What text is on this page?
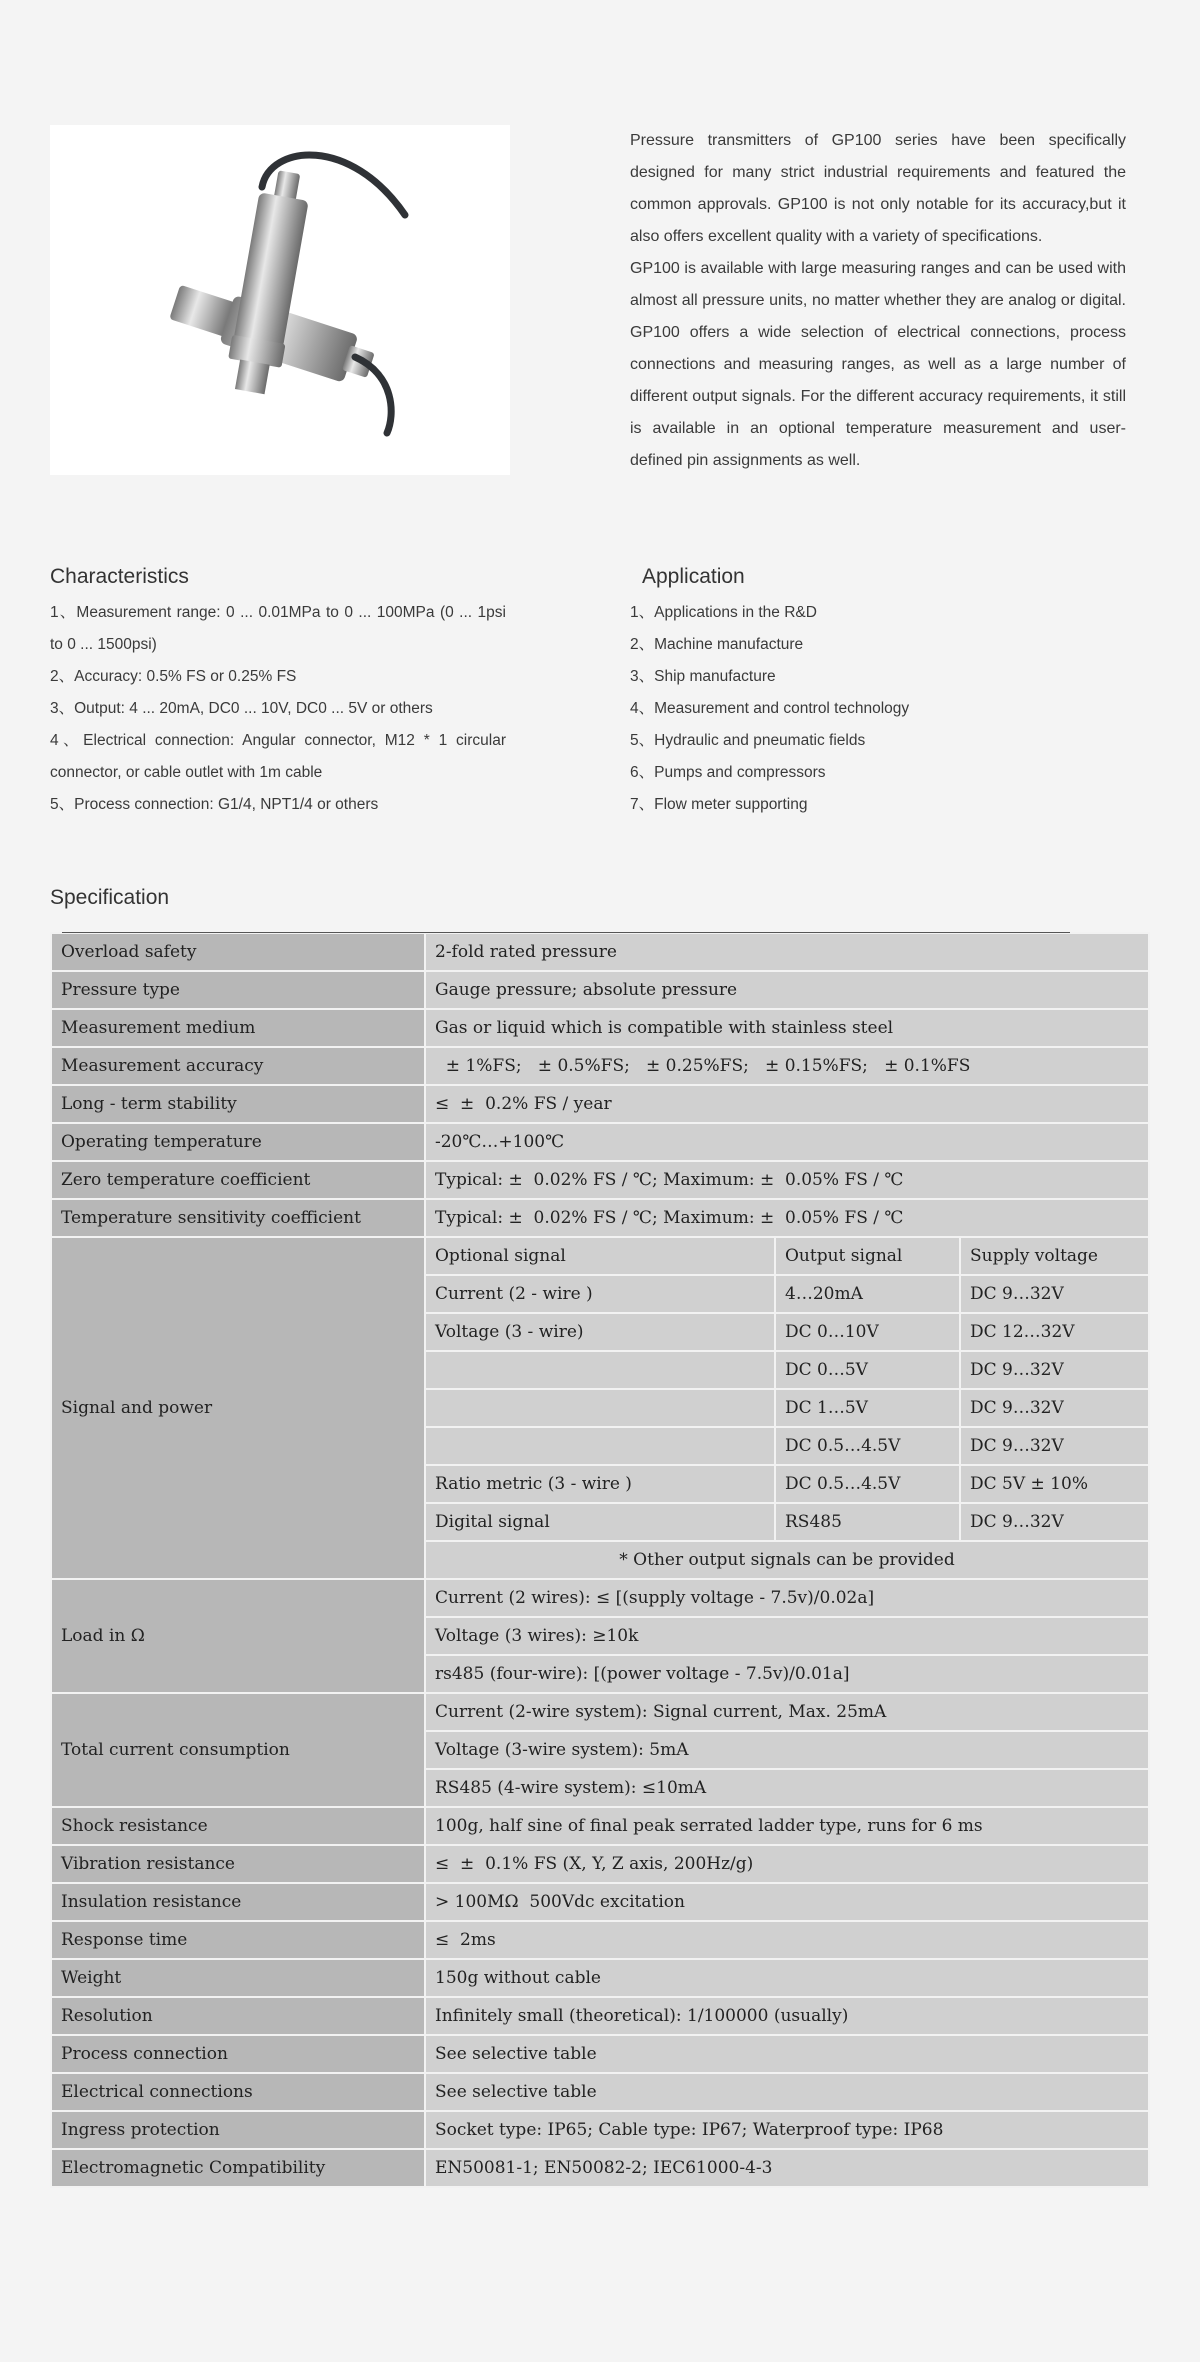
Pressure transmitters of GP100 series have been specifically designed for many strict industrial requirements and featured the common approvals. GP100 is not only notable for its accuracy,but it also offers excellent quality with a variety of specifications.

GP100 is available with large measuring ranges and can be used with almost all pressure units, no matter whether they are analog or digital. GP100 offers a wide selection of electrical connections, process connections and measuring ranges, as well as a large number of different output signals. For the different accuracy requirements, it still is available in an optional temperature measurement and user-defined pin assignments as well.

Characteristics
1、Measurement range: 0 ... 0.01MPa to 0 ... 100MPa (0 ... 1psi to 0 ... 1500psi)
2、Accuracy: 0.5% FS or 0.25% FS
3、Output: 4 ... 20mA, DC0 ... 10V, DC0 ... 5V or others
4、Electrical connection: Angular connector, M12 * 1 circular connector, or cable outlet with 1m cable
5、Process connection: G1/4, NPT1/4 or others
Application
1、Applications in the R&D
2、Machine manufacture
3、Ship manufacture
4、Measurement and control technology
5、Hydraulic and pneumatic fields
6、Pumps and compressors
7、Flow meter supporting
Specification
Overload safety	2-fold rated pressure		
Pressure type	Gauge pressure; absolute pressure		
Measurement medium	Gas or liquid which is compatible with stainless steel		
Measurement accuracy	± 1%FS;   ± 0.5%FS;   ± 0.25%FS;   ± 0.15%FS;   ± 0.1%FS		
Long - term stability	≤  ±  0.2% FS / year		
Operating temperature	-20℃…+100℃		
Zero temperature coefficient	Typical: ±  0.02% FS / ℃; Maximum: ±  0.05% FS / ℃		
Temperature sensitivity coefficient	Typical: ±  0.02% FS / ℃; Maximum: ±  0.05% FS / ℃		
Signal and power	Optional signal	Output signal	Supply voltage
	Current (2 - wire )	4…20mA	DC 9…32V
	Voltage (3 - wire)	DC 0…10V	DC 12…32V
		DC 0…5V	DC 9…32V
		DC 1…5V	DC 9…32V
		DC 0.5…4.5V	DC 9…32V
	Ratio metric (3 - wire )	DC 0.5…4.5V	DC 5V ± 10%
	Digital signal	RS485	DC 9…32V
	* Other output signals can be provided		
Load in Ω	Current (2 wires): ≤ [(supply voltage - 7.5v)/0.02a]		
	Voltage (3 wires): ≥10k		
	rs485 (four-wire): [(power voltage - 7.5v)/0.01a]		
Total current consumption	Current (2-wire system): Signal current, Max. 25mA		
	Voltage (3-wire system): 5mA		
	RS485 (4-wire system): ≤10mA		
Shock resistance	100g, half sine of final peak serrated ladder type, runs for 6 ms		
Vibration resistance	≤  ±  0.1% FS (X, Y, Z axis, 200Hz/g)		
Insulation resistance	> 100MΩ  500Vdc excitation		
Response time	≤  2ms		
Weight	150g without cable		
Resolution	Infinitely small (theoretical): 1/100000 (usually)		
Process connection	See selective table		
Electrical connections	See selective table		
Ingress protection	Socket type: IP65; Cable type: IP67; Waterproof type: IP68		
Electromagnetic Compatibility	EN50081-1; EN50082-2; IEC61000-4-3		
